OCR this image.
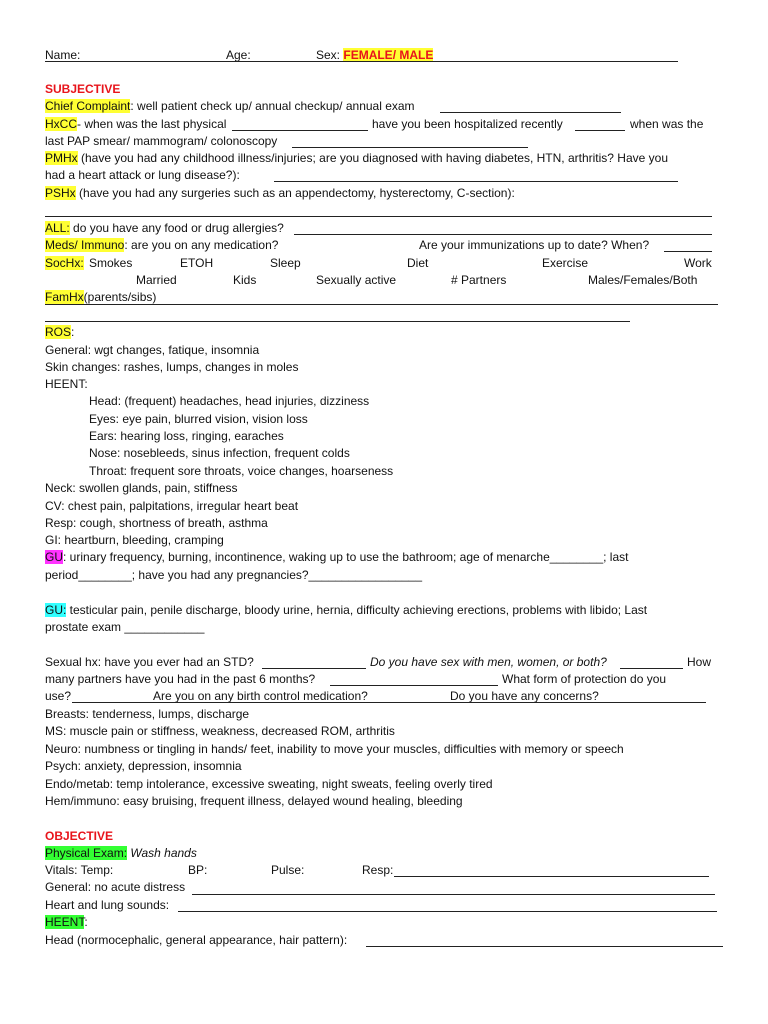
Name:	Age:	Sex: FEMALE/ MALE
SUBJECTIVE
Chief Complaint: well patient check up/ annual checkup/ annual exam
HxCC- when was the last physical	have you been hospitalized recently	when was the
last PAP smear/ mammogram/ colonoscopy
PMHx (have you had any childhood illness/injuries; are you diagnosed with having diabetes, HTN, arthritis? Have you
had a heart attack or lung disease?):
PSHx (have you had any surgeries such as an appendectomy, hysterectomy, C-section):
ALL: do you have any food or drug allergies?
Meds/ Immuno: are you on any medication?	Are your immunizations up to date? When?
SocHx: Smokes	ETOH	Sleep	Diet	Exercise	Work
Married	Kids	Sexually active	# Partners	Males/Females/Both
FamHx(parents/sibs)
ROS:
General: wgt changes, fatique, insomnia
Skin changes: rashes, lumps, changes in moles
HEENT:
Head: (frequent) headaches, head injuries, dizziness
Eyes: eye pain, blurred vision, vision loss
Ears: hearing loss, ringing, earaches
Nose: nosebleeds, sinus infection, frequent colds
Throat: frequent sore throats, voice changes, hoarseness
Neck: swollen glands, pain, stiffness
CV: chest pain, palpitations, irregular heart beat
Resp: cough, shortness of breath, asthma
GI: heartburn, bleeding, cramping
GU: urinary frequency, burning, incontinence, waking up to use the bathroom; age of menarche________; last
period________; have you had any pregnancies?_________________
GU: testicular pain, penile discharge, bloody urine, hernia, difficulty achieving erections, problems with libido; Last
prostate exam ____________
Sexual hx: have you ever had an STD?	Do you have sex with men, women, or both?	How
many partners have you had in the past 6 months?	What form of protection do you
use?	Are you on any birth control medication?	Do you have any concerns?
Breasts: tenderness, lumps, discharge
MS: muscle pain or stiffness, weakness, decreased ROM, arthritis
Neuro: numbness or tingling in hands/ feet, inability to move your muscles, difficulties with memory or speech
Psych: anxiety, depression, insomnia
Endo/metab: temp intolerance, excessive sweating, night sweats, feeling overly tired
Hem/immuno: easy bruising, frequent illness, delayed wound healing, bleeding
OBJECTIVE
Physical Exam: Wash hands
Vitals: Temp:	BP:	Pulse:	Resp:
General: no acute distress
Heart and lung sounds:
HEENT:
Head (normocephalic, general appearance, hair pattern):
